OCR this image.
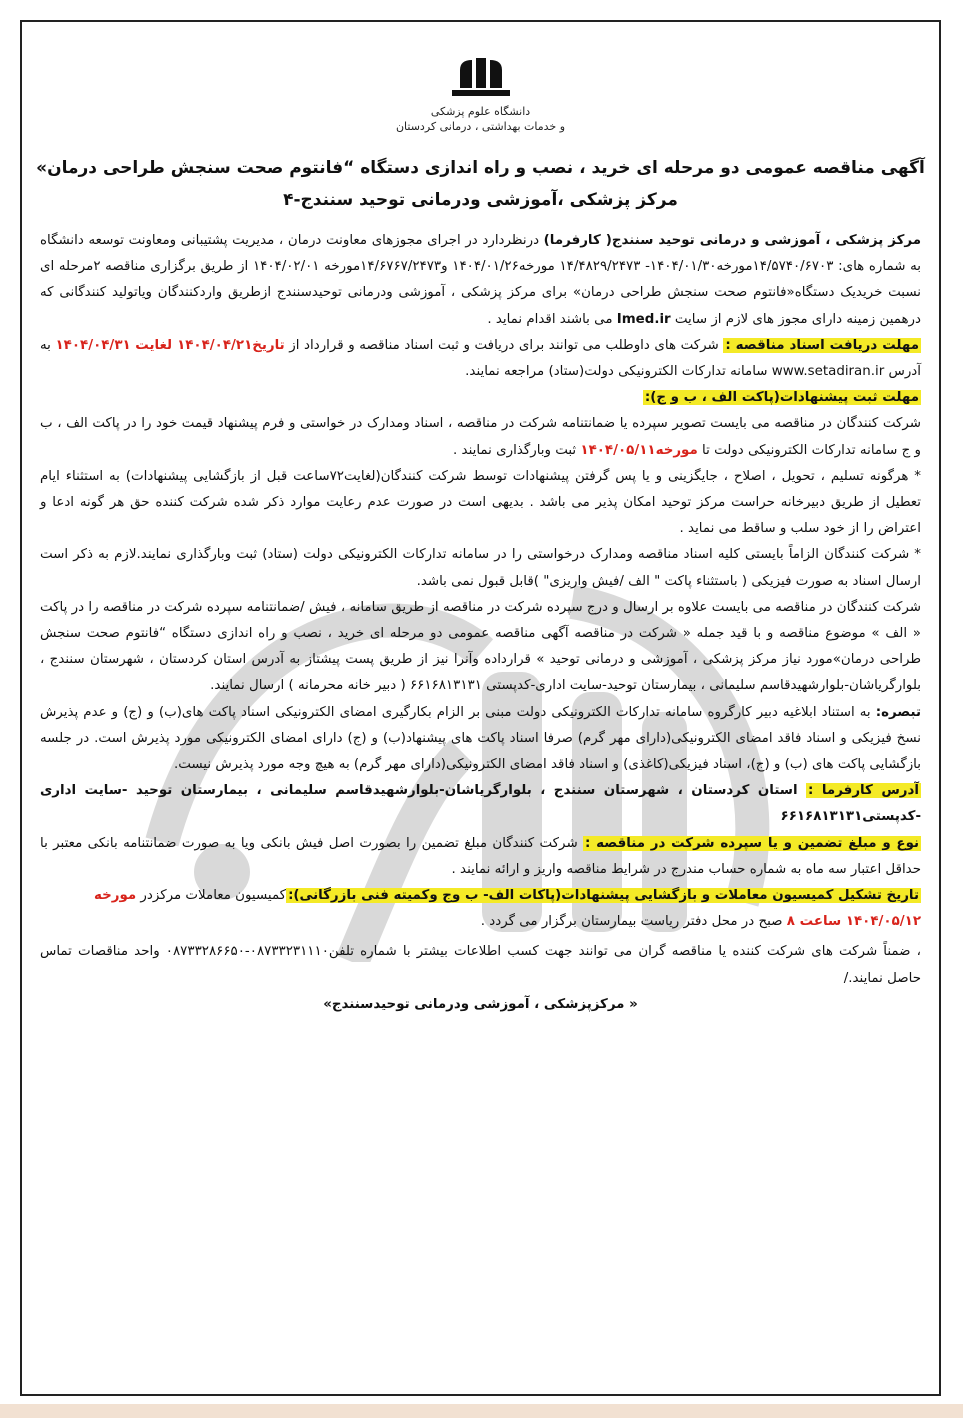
دانشگاه علوم پزشکی
و خدمات بهداشتی ، درمانی کردستان
آگهی مناقصه عمومی دو مرحله ای خرید ، نصب و راه اندازی دستگاه “فانتوم صحت سنجش طراحی درمان»
مرکز پزشکی ،آموزشی ودرمانی توحید سنندج-۴

مرکز پزشکی ، آموزشی و درمانی توحید سنندج( کارفرما) درنظردارد در اجرای مجوزهای معاونت درمان ، مدیریت پشتیبانی ومعاونت توسعه دانشگاه به شماره های: ۱۴/۵۷۴۰/۶۷۰۳مورخه۱۴۰۴/۰۱/۳۰- ۱۴/۴۸۲۹/۲۴۷۳ مورخه۱۴۰۴/۰۱/۲۶ و۱۴/۶۷۶۷/۲۴۷۳مورخه ۱۴۰۴/۰۲/۰۱ از طریق برگزاری مناقصه ۲مرحله ای نسبت خریدیک دستگاه«فانتوم صحت سنجش طراحی درمان» برای مرکز پزشکی ، آموزشی ودرمانی توحیدسنندج ازطریق واردکنندگان ویاتولید کنندگانی که درهمین زمینه دارای مجوز های لازم از سایت Imed.ir می باشند اقدام نماید .

مهلت دریافت اسناد مناقصه : شرکت های داوطلب می توانند برای دریافت و ثبت اسناد مناقصه و قرارداد از تاریخ۱۴۰۴/۰۴/۲۱ لغایت ۱۴۰۴/۰۴/۳۱ به آدرس www.setadiran.ir سامانه تدارکات الکترونیکی دولت(ستاد) مراجعه نمایند.

مهلت ثبت پیشنهادات(پاکت الف ، ب و ج):

شرکت کنندگان در مناقصه می بایست تصویر سپرده یا ضمانتنامه شرکت در مناقصه ، اسناد ومدارک در خواستی و فرم پیشنهاد قیمت خود را در پاکت الف ، ب و ج سامانه تدارکات الکترونیکی دولت تا مورخه۱۴۰۴/۰۵/۱۱ ثبت وبارگذاری نمایند .

* هرگونه تسلیم ، تحویل ، اصلاح ، جایگزینی و یا پس گرفتن پیشنهادات توسط شرکت کنندگان(لغایت۷۲ساعت قبل از بازگشایی پیشنهادات) به استثناء ایام تعطیل از طریق دبیرخانه حراست مرکز توحید امکان پذیر می باشد . بدیهی است در صورت عدم رعایت موارد ذکر شده شرکت کننده حق هر گونه ادعا و اعتراض را از خود سلب و ساقط می نماید .

* شرکت کنندگان الزاماً بایستی کلیه اسناد مناقصه ومدارک درخواستی را در سامانه تدارکات الکترونیکی دولت (ستاد) ثبت وبارگذاری نمایند.لازم به ذکر است ارسال اسناد به صورت فیزیکی ( باستثناء پاکت " الف /فیش واریزی" )قابل قبول نمی باشد.

شرکت کنندگان در مناقصه می بایست علاوه بر ارسال و درج سپرده شرکت در مناقصه از طریق سامانه ، فیش /ضمانتنامه سپرده شرکت در مناقصه را در پاکت « الف » موضوع مناقصه و با قید جمله « شرکت در مناقصه آگهی مناقصه عمومی دو مرحله ای خرید ، نصب و راه اندازی دستگاه “فانتوم صحت سنجش طراحی درمان»مورد نیاز مرکز پزشکی ، آموزشی و درمانی توحید » قرارداده وآنرا نیز از طریق پست پیشتاز به آدرس استان کردستان ، شهرستان سنندج ، بلوارگریاشان-بلوارشهیدقاسم سلیمانی ، بیمارستان توحید-سایت اداری-کدپستی ۶۶۱۶۸۱۳۱۳۱ ( دبیر خانه محرمانه ) ارسال نمایند.

تبصره: به استناد ابلاغیه دبیر کارگروه سامانه تدارکات الکترونیکی دولت مبنی بر الزام بکارگیری امضای الکترونیکی اسناد پاکت های(ب) و (ج) و عدم پذیرش نسخ فیزیکی و اسناد فاقد امضای الکترونیکی(دارای مهر گرم) صرفا اسناد پاکت های پیشنهاد(ب) و (ج) دارای امضای الکترونیکی مورد پذیرش است. در جلسه بازگشایی پاکت های (ب) و (ج)، اسناد فیزیکی(کاغذی) و اسناد فاقد امضای الکترونیکی(دارای مهر گرم) به هیچ وجه مورد پذیرش نیست.

آدرس کارفرما : استان کردستان ، شهرستان سنندج ، بلوارگریاشان-بلوارشهیدقاسم سلیمانی ، بیمارستان توحید -سایت اداری -کدپستی۶۶۱۶۸۱۳۱۳۱

نوع و مبلغ تضمین و یا سپرده شرکت در مناقصه : شرکت کنندگان مبلغ تضمین را بصورت اصل فیش بانکی ویا به صورت ضمانتنامه بانکی معتبر با حداقل اعتبار سه ماه به شماره حساب مندرج در شرایط مناقصه واریز و ارائه نمایند .

تاریخ تشکیل کمیسیون معاملات و بازگشایی پیشنهادات(پاکات الف- ب وج وکمیته فنی بازرگانی):کمیسیون معاملات مرکزدر مورخه

۱۴۰۴/۰۵/۱۲ ساعت ۸ صبح در محل دفتر ریاست بیمارستان برگزار می گردد .

، ضمناً شرکت های شرکت کننده یا مناقصه گران می توانند جهت کسب اطلاعات بیشتر با شماره تلفن۰۸۷۳۳۲۳۱۱۱۰-۰۸۷۳۳۲۸۶۶۵۰ واحد مناقصات تماس حاصل نمایند./

« مرکزپزشکی ، آموزشی ودرمانی توحیدسنندج»
